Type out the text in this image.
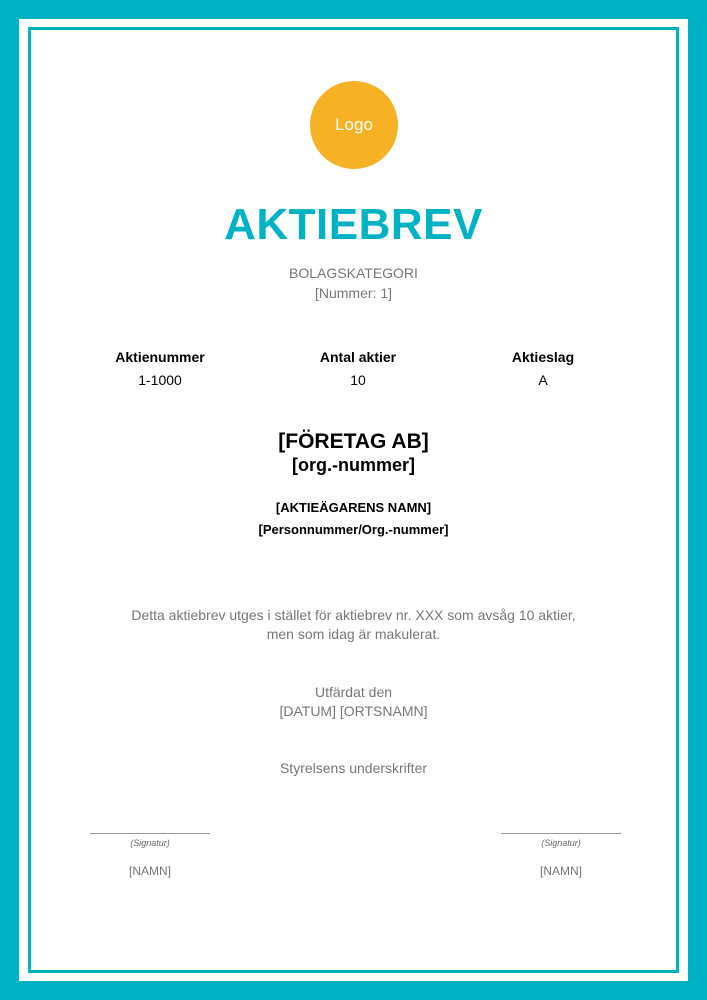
Logo
AKTIEBREV
BOLAGSKATEGORI
[Nummer: 1]
Aktienummer
1-1000
Antal aktier
10
Aktieslag
A
[FÖRETAG AB]
[org.-nummer]
[AKTIEÄGARENS NAMN]
[Personnummer/Org.-nummer]
Detta aktiebrev utges i stället för aktiebrev nr. XXX som avsåg 10 aktier,
men som idag är makulerat.
Utfärdat den
[DATUM] [ORTSNAMN]
Styrelsens underskrifter
(Signatur)
[NAMN]
(Signatur)
[NAMN]
